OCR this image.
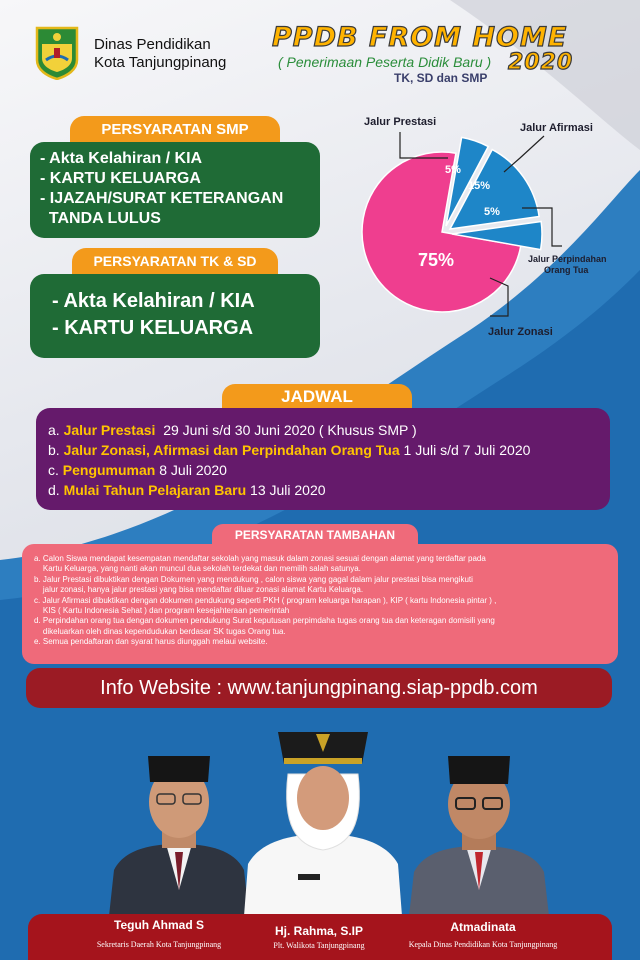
Dinas Pendidikan
Kota Tanjungpinang
PPDB FROM HOME
( Penerimaan Peserta Didik Baru ) 2020
TK, SD dan SMP
PERSYARATAN SMP
- Akta Kelahiran / KIA
- KARTU KELUARGA
- IJAZAH/SURAT KETERANGAN
TANDA LULUS
PERSYARATAN TK & SD
- Akta Kelahiran / KIA
- KARTU KELUARGA
Jalur Prestasi	Jalur Afirmasi
Jalur Perpindahan
Orang Tua
Jalur Zonasi
5%
15%
5%
75%
JADWAL
a. Jalur Prestasi  29 Juni s/d 30 Juni 2020 ( Khusus SMP )
b. Jalur Zonasi, Afirmasi dan Perpindahan Orang Tua 1 Juli s/d 7 Juli 2020
c. Pengumuman 8 Juli 2020
d. Mulai Tahun Pelajaran Baru 13 Juli 2020
PERSYARATAN TAMBAHAN
a. Calon Siswa mendapat kesempatan mendaftar sekolah yang masuk dalam zonasi sesuai dengan alamat yang terdaftar pada
Kartu Keluarga, yang nanti akan muncul dua sekolah terdekat dan memilih salah satunya.
b. Jalur Prestasi dibuktikan dengan Dokumen yang mendukung , calon siswa yang gagal dalam jalur prestasi bisa mengikuti
jalur zonasi, hanya jalur prestasi yang bisa mendaftar diluar zonasi alamat Kartu Keluarga.
c. Jalur Afirmasi dibuktikan dengan dokumen pendukung seperti PKH ( program keluarga harapan ), KIP ( kartu Indonesia pintar ) ,
KIS ( Kartu Indonesia Sehat ) dan program kesejahteraan pemerintah
d. Perpindahan orang tua dengan dokumen pendukung Surat keputusan perpimdaha tugas orang tua dan keteragan domisili yang
dikeluarkan oleh dinas kependudukan berdasar SK tugas Orang tua.
e. Semua pendaftaran dan syarat harus diunggah melaui website.
Info Website : www.tanjungpinang.siap-ppdb.com
Teguh Ahmad S
Sekretaris Daerah Kota Tanjungpinang
Hj. Rahma, S.IP
Plt. Walikota Tanjungpinang
Atmadinata
Kepala Dinas Pendidikan Kota Tanjungpinang
